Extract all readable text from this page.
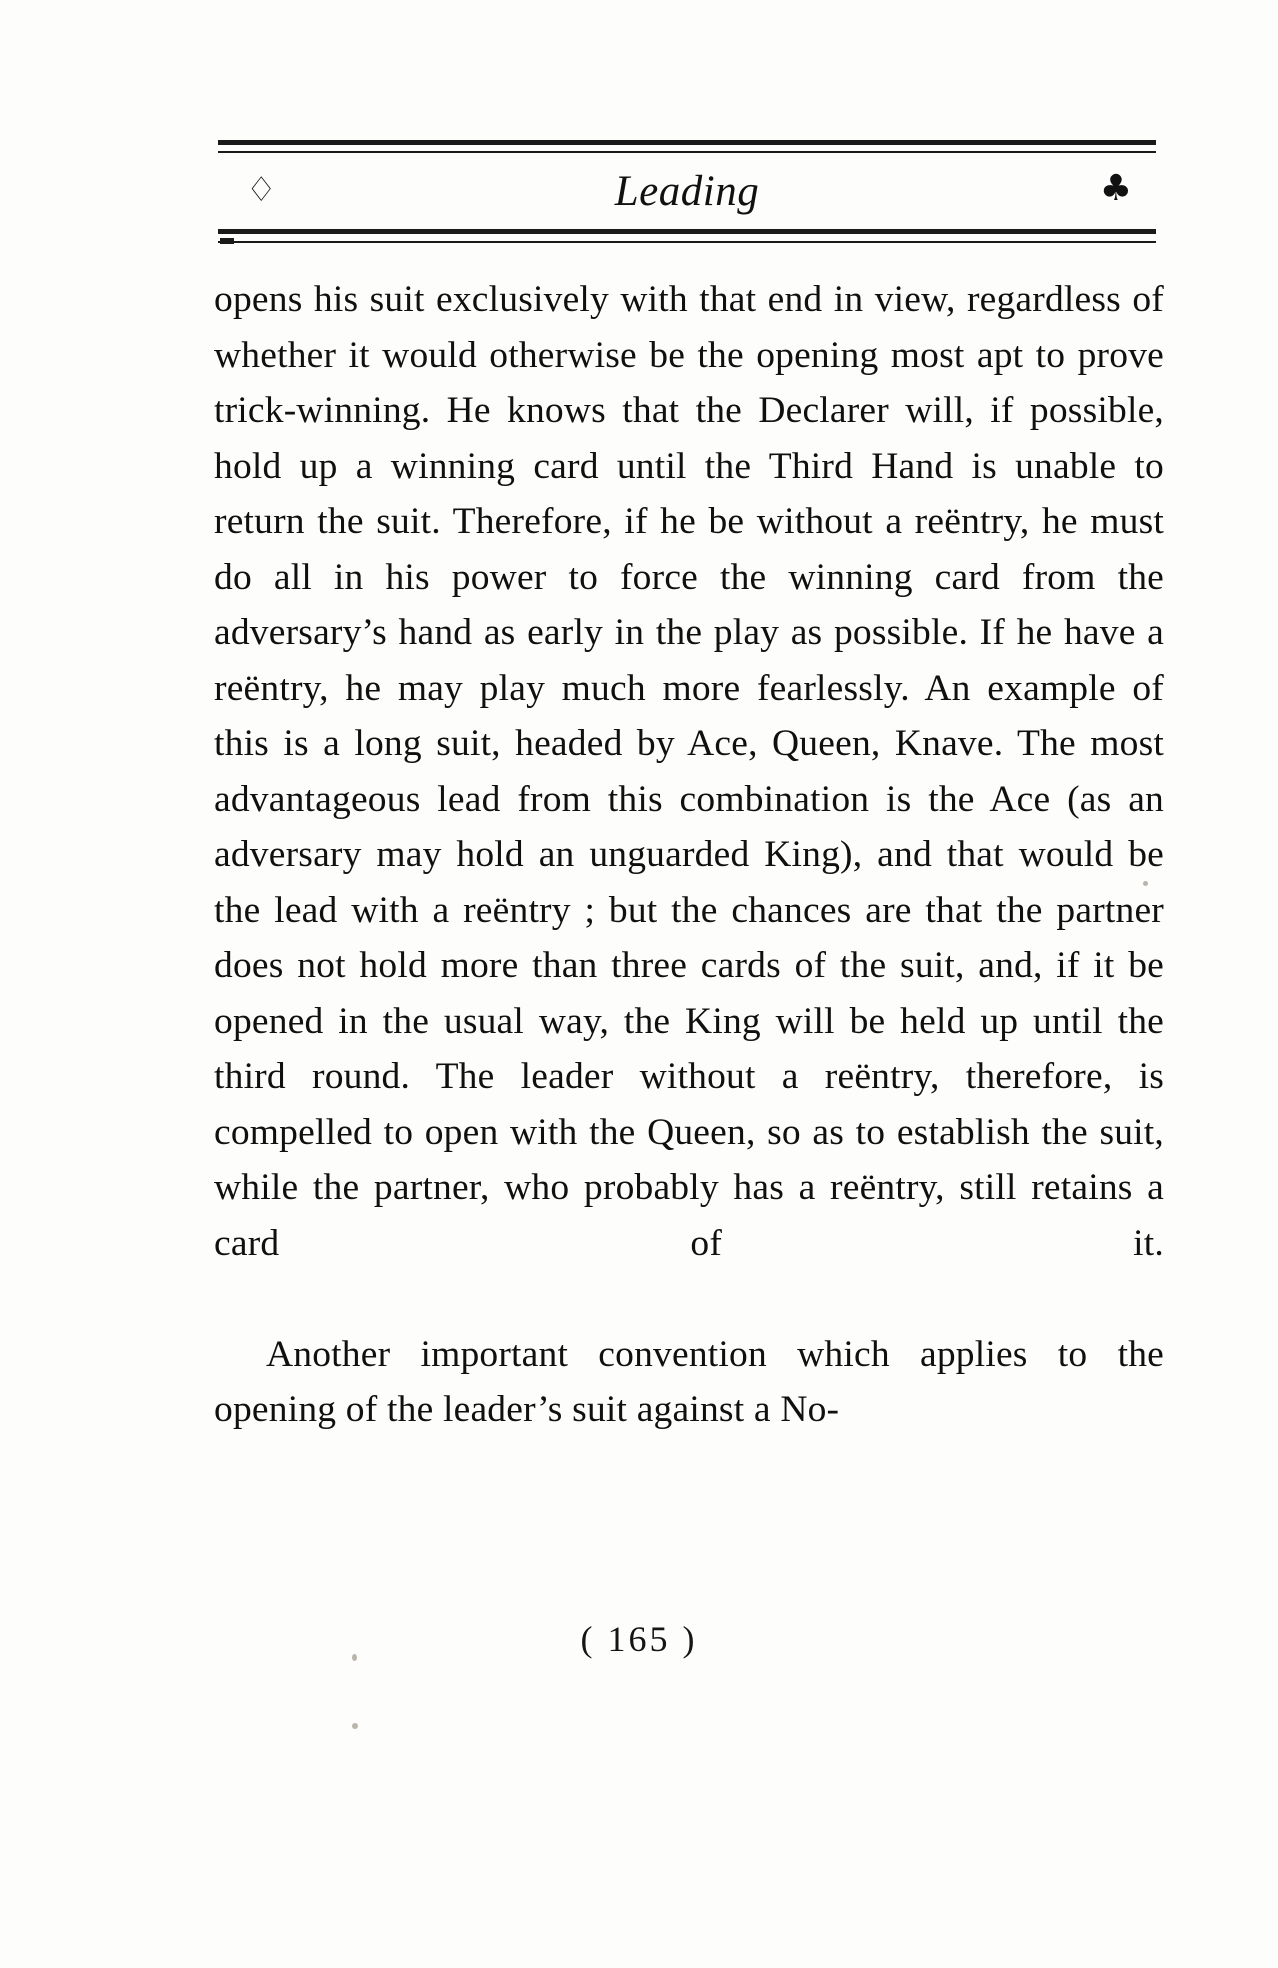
♢	Leading	♣

opens his suit exclusively with that end in view, regardless of whether it would otherwise be the opening most apt to prove trick-winning. He knows that the Declarer will, if possible, hold up a winning card until the Third Hand is unable to return the suit. Therefore, if he be without a reëntry, he must do all in his power to force the winning card from the adversary’s hand as early in the play as possible. If he have a reëntry, he may play much more fearlessly. An example of this is a long suit, headed by Ace, Queen, Knave. The most advantageous lead from this combination is the Ace (as an adversary may hold an unguarded King), and that would be the lead with a reëntry ; but the chances are that the partner does not hold more than three cards of the suit, and, if it be opened in the usual way, the King will be held up until the third round. The leader without a reëntry, therefore, is compelled to open with the Queen, so as to establish the suit, while the partner, who probably has a reëntry, still retains a card of it.

Another important convention which applies to the opening of the leader’s suit against a No-

( 165 )
